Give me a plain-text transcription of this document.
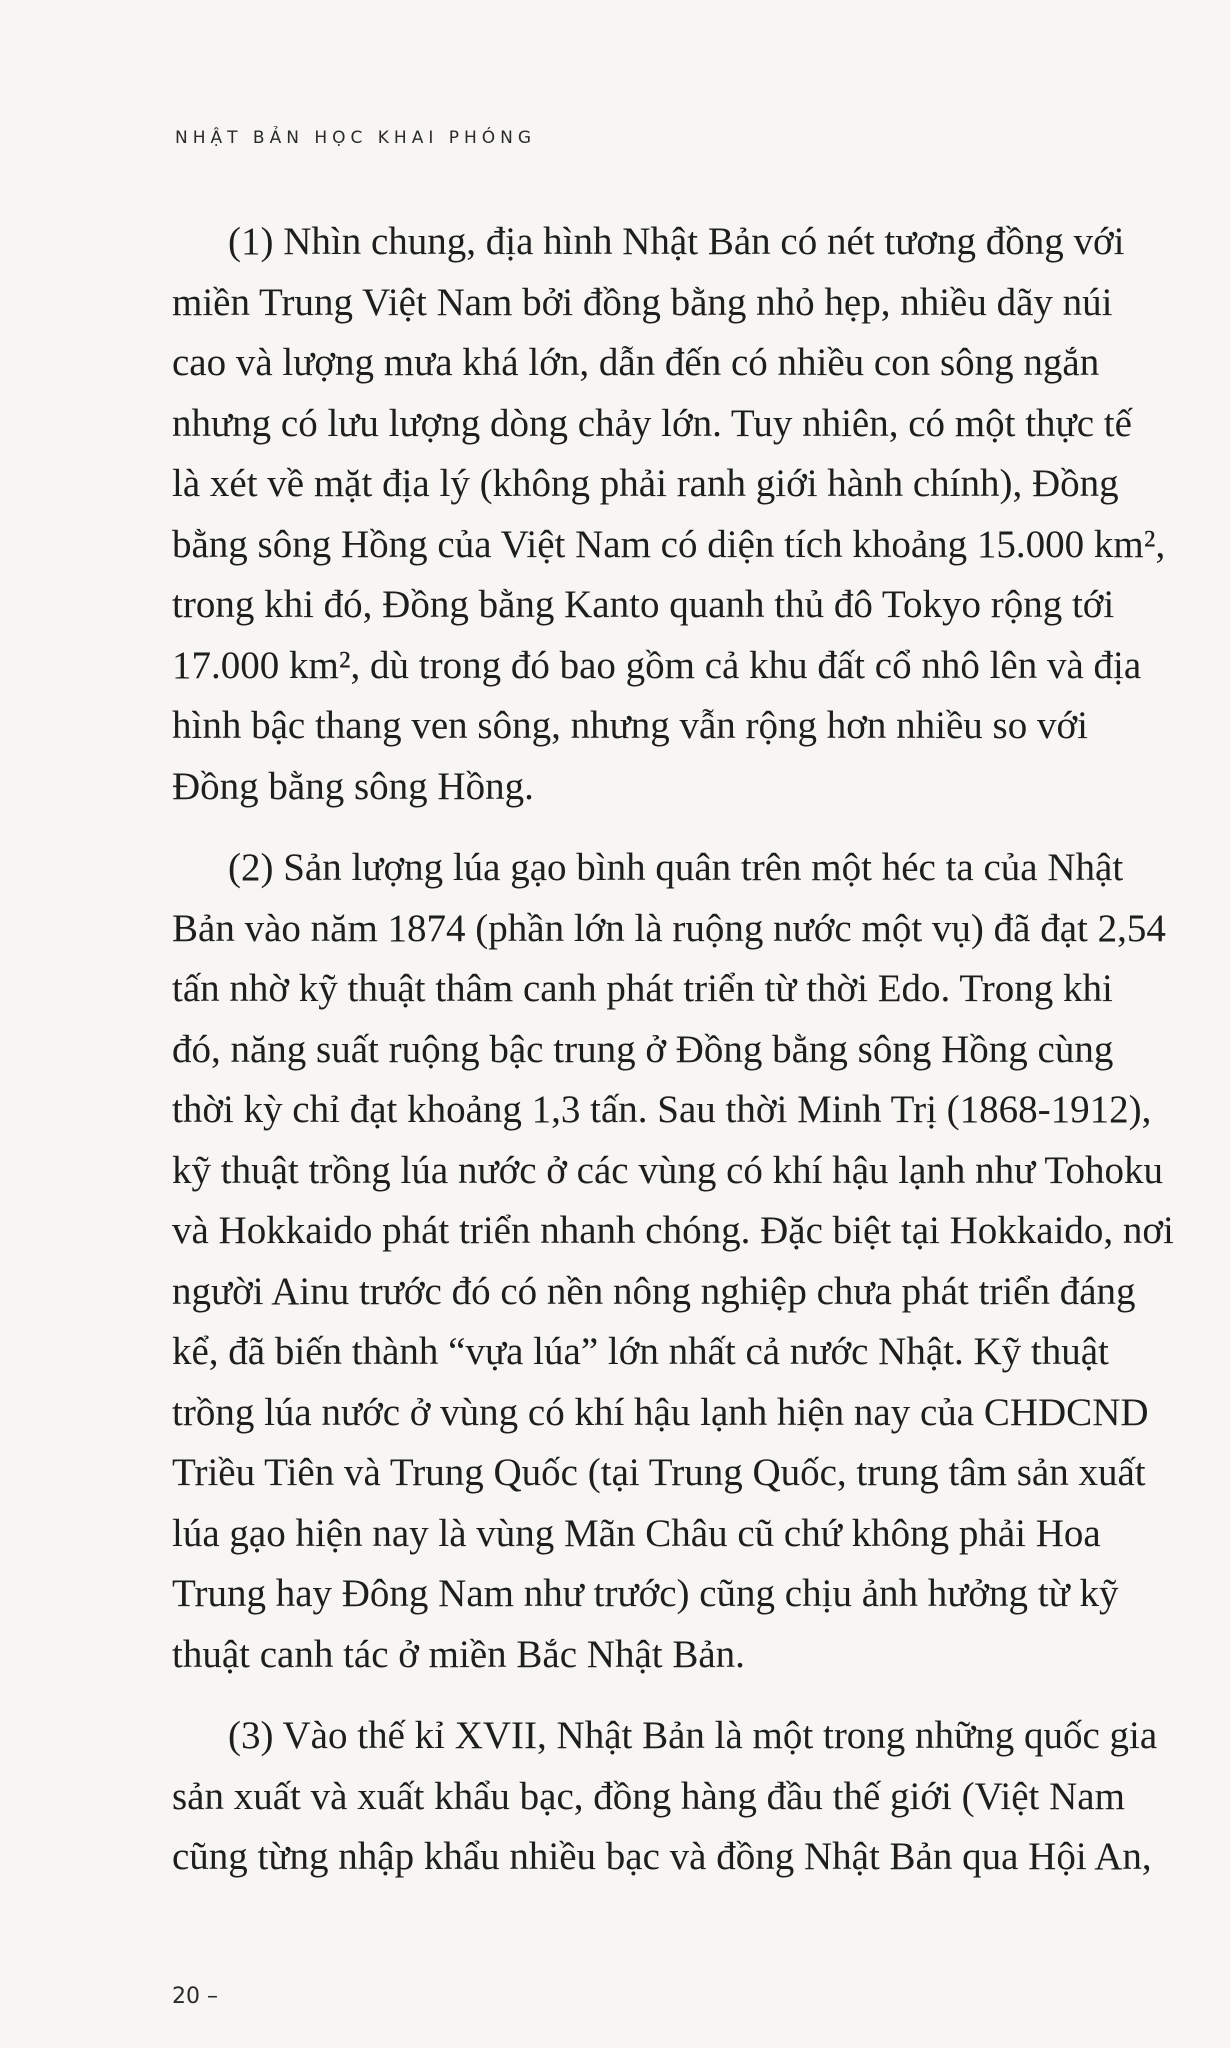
NHẬT BẢN HỌC KHAI PHÓNG

(1) Nhìn chung, địa hình Nhật Bản có nét tương đồng với
miền Trung Việt Nam bởi đồng bằng nhỏ hẹp, nhiều dãy núi
cao và lượng mưa khá lớn, dẫn đến có nhiều con sông ngắn
nhưng có lưu lượng dòng chảy lớn. Tuy nhiên, có một thực tế
là xét về mặt địa lý (không phải ranh giới hành chính), Đồng
bằng sông Hồng của Việt Nam có diện tích khoảng 15.000 km²,
trong khi đó, Đồng bằng Kanto quanh thủ đô Tokyo rộng tới
17.000 km², dù trong đó bao gồm cả khu đất cổ nhô lên và địa
hình bậc thang ven sông, nhưng vẫn rộng hơn nhiều so với
Đồng bằng sông Hồng.

(2) Sản lượng lúa gạo bình quân trên một héc ta của Nhật
Bản vào năm 1874 (phần lớn là ruộng nước một vụ) đã đạt 2,54
tấn nhờ kỹ thuật thâm canh phát triển từ thời Edo. Trong khi
đó, năng suất ruộng bậc trung ở Đồng bằng sông Hồng cùng
thời kỳ chỉ đạt khoảng 1,3 tấn. Sau thời Minh Trị (1868-1912),
kỹ thuật trồng lúa nước ở các vùng có khí hậu lạnh như Tohoku
và Hokkaido phát triển nhanh chóng. Đặc biệt tại Hokkaido, nơi
người Ainu trước đó có nền nông nghiệp chưa phát triển đáng
kể, đã biến thành “vựa lúa” lớn nhất cả nước Nhật. Kỹ thuật
trồng lúa nước ở vùng có khí hậu lạnh hiện nay của CHDCND
Triều Tiên và Trung Quốc (tại Trung Quốc, trung tâm sản xuất
lúa gạo hiện nay là vùng Mãn Châu cũ chứ không phải Hoa
Trung hay Đông Nam như trước) cũng chịu ảnh hưởng từ kỹ
thuật canh tác ở miền Bắc Nhật Bản.

(3) Vào thế kỉ XVII, Nhật Bản là một trong những quốc gia
sản xuất và xuất khẩu bạc, đồng hàng đầu thế giới (Việt Nam
cũng từng nhập khẩu nhiều bạc và đồng Nhật Bản qua Hội An,

20 –
